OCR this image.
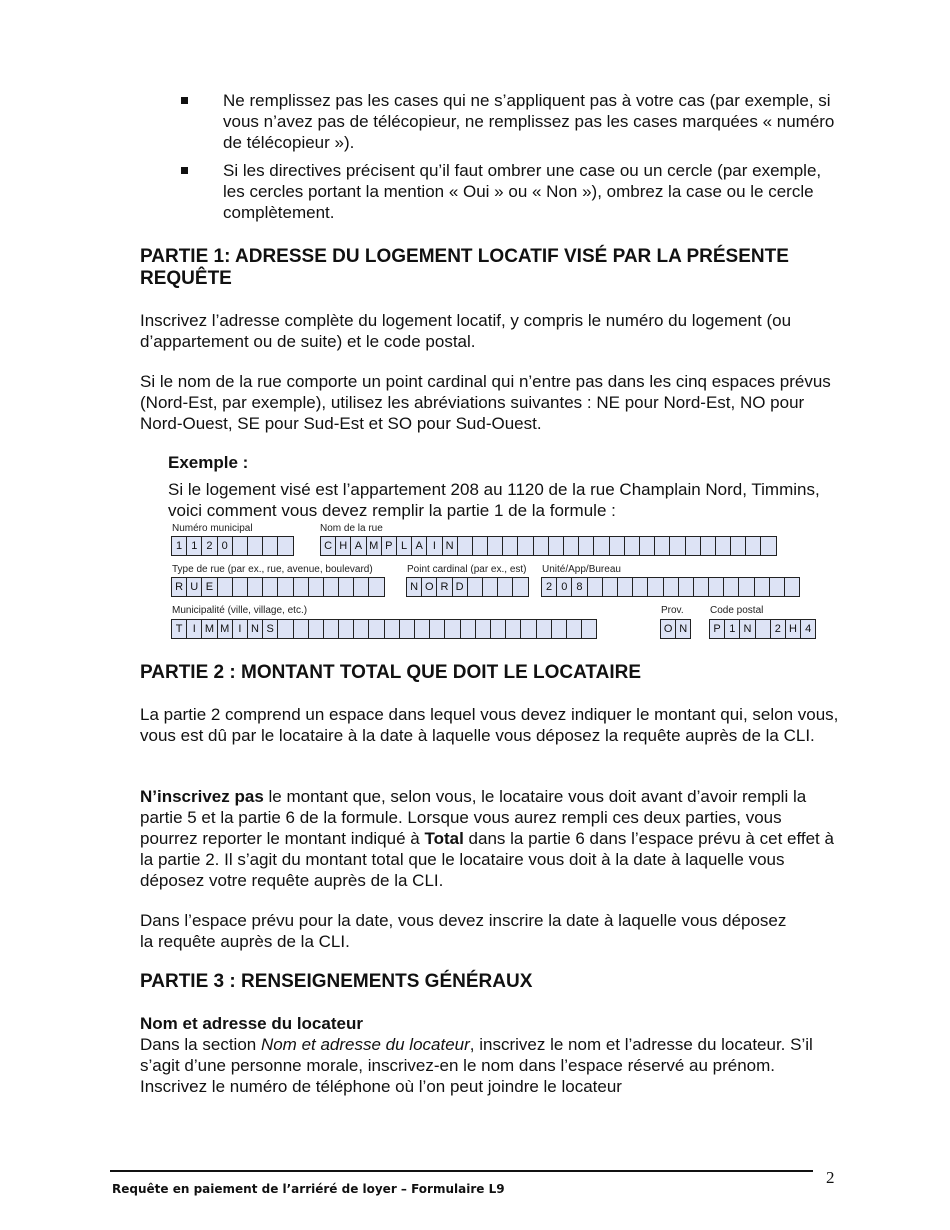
Ne remplissez pas les cases qui ne s’appliquent pas à votre cas (par exemple, si vous n’avez pas de télécopieur, ne remplissez pas les cases marquées « numéro de télécopieur »).

Si les directives précisent qu’il faut ombrer une case ou un cercle (par exemple, les cercles portant la mention « Oui » ou « Non »), ombrez la case ou le cercle complètement.

PARTIE 1: ADRESSE DU LOGEMENT LOCATIF VISÉ PAR LA PRÉSENTE REQUÊTE

Inscrivez l’adresse complète du logement locatif, y compris le numéro du logement (ou d’appartement ou de suite) et le code postal.

Si le nom de la rue comporte un point cardinal qui n’entre pas dans les cinq espaces prévus (Nord-Est, par exemple), utilisez les abréviations suivantes : NE pour Nord-Est, NO pour Nord-Ouest, SE pour Sud-Est et SO pour Sud-Ouest.

Exemple :

Si le logement visé est l’appartement 208 au 1120 de la rue Champlain Nord, Timmins, voici comment vous devez remplir la partie 1 de la formule :

Numéro municipal
1 1 2 0
Nom de la rue
C H A M P L A I N
Type de rue (par ex., rue, avenue, boulevard)
R U E
Point cardinal (par ex., est)
N O R D
Unité/App/Bureau
2 0 8
Municipalité (ville, village, etc.)
T I M M I N S
Prov.
O N
Code postal
P 1 N	2 H 4
PARTIE 2 : MONTANT TOTAL QUE DOIT LE LOCATAIRE

La partie 2 comprend un espace dans lequel vous devez indiquer le montant qui, selon vous, vous est dû par le locataire à la date à laquelle vous déposez la requête auprès de la CLI.

N’inscrivez pas le montant que, selon vous, le locataire vous doit avant d’avoir rempli la partie 5 et la partie 6 de la formule. Lorsque vous aurez rempli ces deux parties, vous pourrez reporter le montant indiqué à Total dans la partie 6 dans l’espace prévu à cet effet à la partie 2. Il s’agit du montant total que le locataire vous doit à la date à laquelle vous déposez votre requête auprès de la CLI.

Dans l’espace prévu pour la date, vous devez inscrire la date à laquelle vous déposez la requête auprès de la CLI.

PARTIE 3 : RENSEIGNEMENTS GÉNÉRAUX

Nom et adresse du locateur

Dans la section Nom et adresse du locateur, inscrivez le nom et l’adresse du locateur. S’il s’agit d’une personne morale, inscrivez-en le nom dans l’espace réservé au prénom. Inscrivez le numéro de téléphone où l’on peut joindre le locateur

2
Requête en paiement de l’arriéré de loyer – Formulaire L9
